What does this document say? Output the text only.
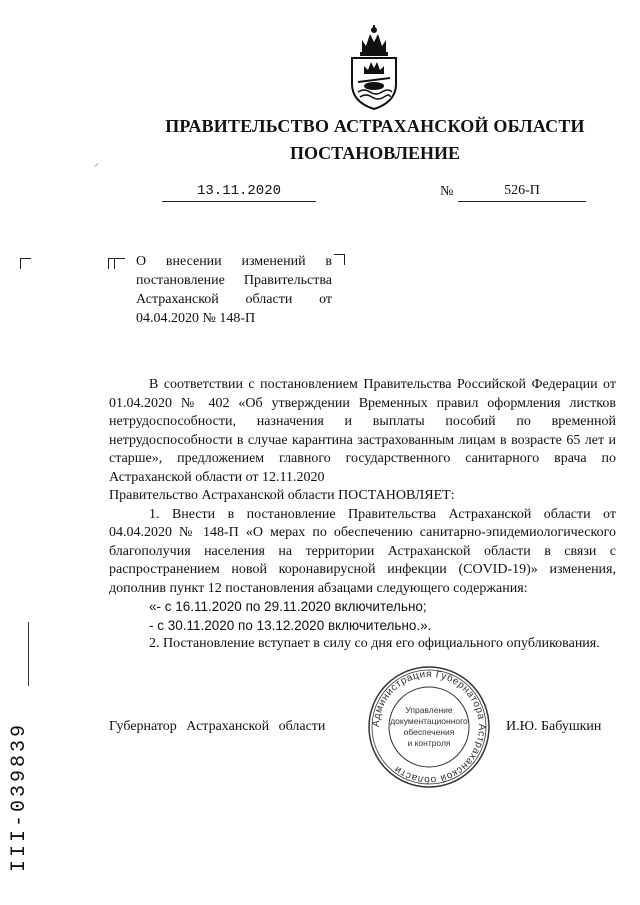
ПРАВИТЕЛЬСТВО АСТРАХАНСКОЙ ОБЛАСТИ
ПОСТАНОВЛЕНИЕ
⸝
13.11.2020	№	526-П
О внесении изменений в
постановление Правительства
Астраханской области от
04.04.2020 № 148-П
В соответствии с постановлением Правительства Российской Федерации от 01.04.2020 № 402 «Об утверждении Временных правил оформления листков нетрудоспособности, назначения и выплаты пособий по временной нетрудоспособности в случае карантина застрахованным лицам в возрасте 65 лет и старше», предложением главного государственного санитарного врача по Астраханской области от 12.11.2020
Правительство Астраханской области ПОСТАНОВЛЯЕТ:
1. Внести в постановление Правительства Астраханской области от 04.04.2020 № 148-П «О мерах по обеспечению санитарно-эпидемиологического благополучия населения на территории Астраханской области в связи с распространением новой коронавирусной инфекции (COVID-19)» изменения, дополнив пункт 12 постановления абзацами следующего содержания:
«- с 16.11.2020 по 29.11.2020 включительно;
- с 30.11.2020 по 13.12.2020 включительно.».
2. Постановление вступает в силу со дня его официального опубликования.
Губернатор Астраханской области	И.Ю. Бабушкин
Администрация Губернатора Астраханской области
Управление
документационного
обеспечения
и контроля
III-039839
